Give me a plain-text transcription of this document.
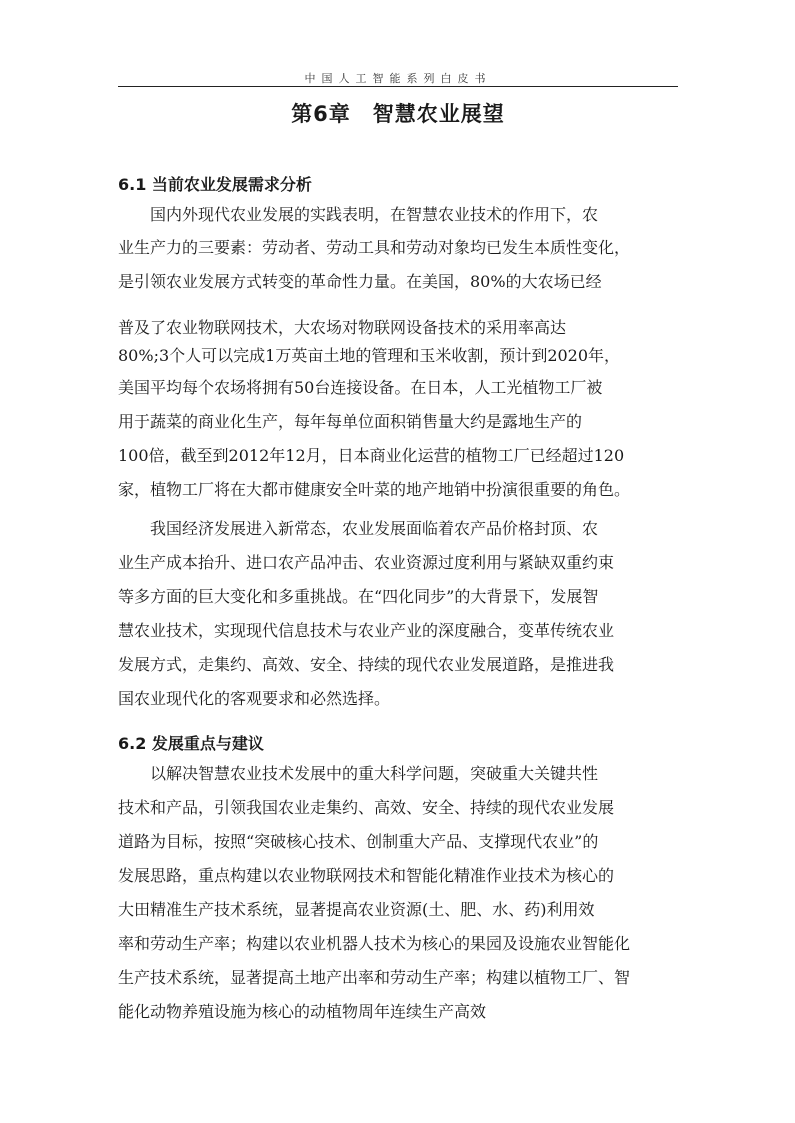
中国人工智能系列白皮书
第6章　智慧农业展望
6.1 当前农业发展需求分析
国内外现代农业发展的实践表明，在智慧农业技术的作用下，农
业生产力的三要素：劳动者、劳动工具和劳动对象均已发生本质性变化，
是引领农业发展方式转变的革命性力量。在美国，80%的大农场已经
普及了农业物联网技术，大农场对物联网设备技术的采用率高达
80%;3个人可以完成1万英亩土地的管理和玉米收割，预计到2020年，
美国平均每个农场将拥有50台连接设备。在日本，人工光植物工厂被
用于蔬菜的商业化生产，每年每单位面积销售量大约是露地生产的
100倍，截至到2012年12月，日本商业化运营的植物工厂已经超过120
家，植物工厂将在大都市健康安全叶菜的地产地销中扮演很重要的角色。
我国经济发展进入新常态，农业发展面临着农产品价格封顶、农
业生产成本抬升、进口农产品冲击、农业资源过度利用与紧缺双重约束
等多方面的巨大变化和多重挑战。在“四化同步”的大背景下，发展智
慧农业技术，实现现代信息技术与农业产业的深度融合，变革传统农业
发展方式，走集约、高效、安全、持续的现代农业发展道路，是推进我
国农业现代化的客观要求和必然选择。
6.2 发展重点与建议
以解决智慧农业技术发展中的重大科学问题，突破重大关键共性
技术和产品，引领我国农业走集约、高效、安全、持续的现代农业发展
道路为目标，按照“突破核心技术、创制重大产品、支撑现代农业”的
发展思路，重点构建以农业物联网技术和智能化精准作业技术为核心的
大田精准生产技术系统，显著提高农业资源(土、肥、水、药)利用效
率和劳动生产率；构建以农业机器人技术为核心的果园及设施农业智能化
生产技术系统，显著提高土地产出率和劳动生产率；构建以植物工厂、智
能化动物养殖设施为核心的动植物周年连续生产高效
